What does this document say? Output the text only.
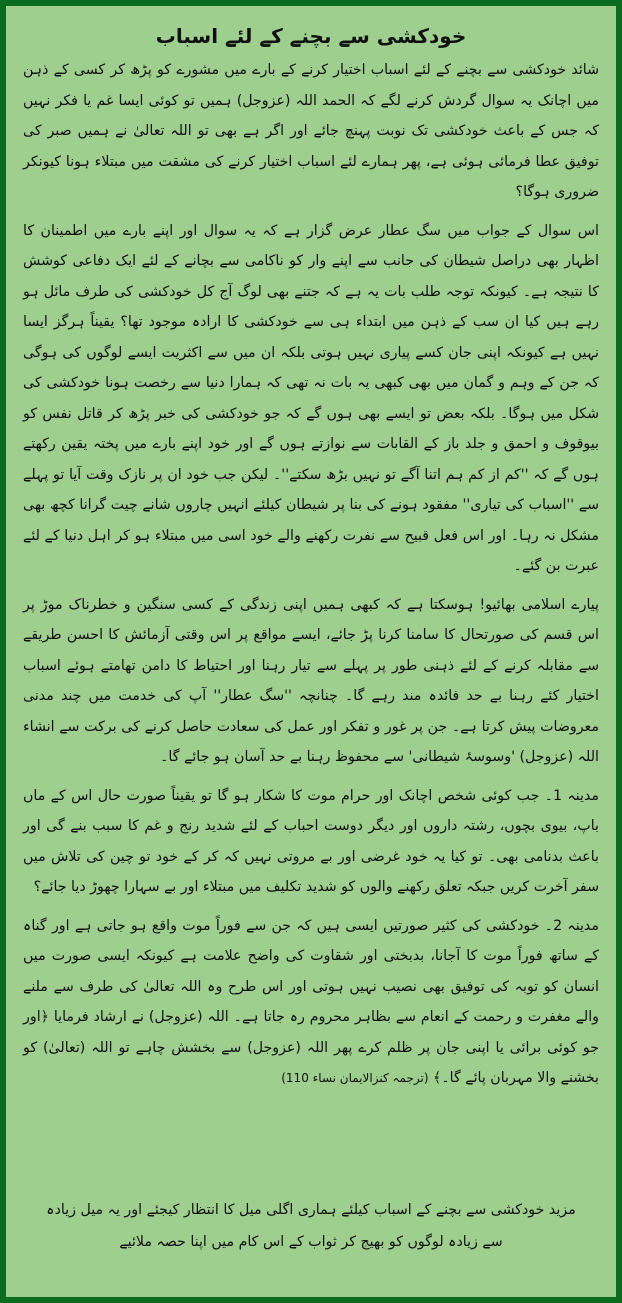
خودکشی سے بچنے کے لئے اسباب

شائد خودکشی سے بچنے کے لئے اسباب اختیار کرنے کے بارے میں مشورے کو پڑھ کر کسی کے ذہن میں اچانک یہ سوال گردش کرنے لگے کہ الحمد اللہ (عزوجل) ہمیں تو کوئی ایسا غم یا فکر نہیں کہ جس کے باعث خودکشی تک نوبت پہنچ جائے اور اگر ہے بھی تو اللہ تعالیٰ نے ہمیں صبر کی توفیق عطا فرمائی ہوئی ہے، پھر ہمارے لئے اسباب اختیار کرنے کی مشقت میں مبتلاء ہونا کیونکر ضروری ہوگا؟

اس سوال کے جواب میں سگ عطار عرض گزار ہے کہ یہ سوال اور اپنے بارے میں اطمینان کا اظہار بھی دراصل شیطان کی جانب سے اپنے وار کو ناکامی سے بچانے کے لئے ایک دفاعی کوشش کا نتیجہ ہے۔ کیونکہ توجہ طلب بات یہ ہے کہ جتنے بھی لوگ آج کل خودکشی کی طرف مائل ہو رہے ہیں کیا ان سب کے ذہن میں ابتداء ہی سے خودکشی کا ارادہ موجود تھا؟ یقیناً ہرگز ایسا نہیں ہے کیونکہ اپنی جان کسے پیاری نہیں ہوتی بلکہ ان میں سے اکثریت ایسے لوگوں کی ہوگی کہ جن کے وہم و گمان میں بھی کبھی یہ بات نہ تھی کہ ہمارا دنیا سے رخصت ہونا خودکشی کی شکل میں ہوگا۔ بلکہ بعض تو ایسے بھی ہوں گے کہ جو خودکشی کی خبر پڑھ کر قاتل نفس کو بیوقوف و احمق و جلد باز کے القابات سے نوازتے ہوں گے اور خود اپنے بارے میں پختہ یقین رکھتے ہوں گے کہ ''کم از کم ہم اتنا آگے تو نہیں بڑھ سکتے''۔ لیکن جب خود ان پر نازک وقت آیا تو پہلے سے ''اسباب کی تیاری'' مفقود ہونے کی بنا پر شیطان کیلئے انہیں چاروں شانے چیت گرانا کچھ بھی مشکل نہ رہا۔ اور اس فعل قبیح سے نفرت رکھنے والے خود اسی میں مبتلاء ہو کر اہل دنیا کے لئے عبرت بن گئے۔

پیارے اسلامی بھائیو! ہوسکتا ہے کہ کبھی ہمیں اپنی زندگی کے کسی سنگین و خطرناک موڑ پر اس قسم کی صورتحال کا سامنا کرنا پڑ جائے، ایسے مواقع پر اس وقتی آزمائش کا احسن طریقے سے مقابلہ کرنے کے لئے ذہنی طور پر پہلے سے تیار رہنا اور احتیاط کا دامن تھامتے ہوئے اسباب اختیار کئے رہنا بے حد فائدہ مند رہے گا۔ چنانچہ ''سگ عطار'' آپ کی خدمت میں چند مدنی معروضات پیش کرتا ہے۔ جن پر غور و تفکر اور عمل کی سعادت حاصل کرنے کی برکت سے انشاء اللہ (عزوجل) 'وسوسۂ شیطانی' سے محفوظ رہنا بے حد آسان ہو جائے گا۔

مدینہ 1۔ جب کوئی شخص اچانک اور حرام موت کا شکار ہو گا تو یقیناً صورت حال اس کے ماں باپ، بیوی بچوں، رشتہ داروں اور دیگر دوست احباب کے لئے شدید رنج و غم کا سبب بنے گی اور باعث بدنامی بھی۔ تو کیا یہ خود غرضی اور بے مروتی نہیں کہ کر کے خود تو چین کی تلاش میں سفر آخرت کریں جبکہ تعلق رکھنے والوں کو شدید تکلیف میں مبتلاء اور بے سہارا چھوڑ دیا جائے؟

مدینہ 2۔ خودکشی کی کثیر صورتیں ایسی ہیں کہ جن سے فوراً موت واقع ہو جاتی ہے اور گناہ کے ساتھ فوراً موت کا آجانا، بدبختی اور شقاوت کی واضح علامت ہے کیونکہ ایسی صورت میں انسان کو توبہ کی توفیق بھی نصیب نہیں ہوتی اور اس طرح وہ اللہ تعالیٰ کی طرف سے ملنے والے مغفرت و رحمت کے انعام سے بظاہر محروم رہ جاتا ہے۔ اللہ (عزوجل) نے ارشاد فرمایا ﴿اور جو کوئی برائی یا اپنی جان پر ظلم کرے پھر اللہ (عزوجل) سے بخشش چاہے تو اللہ (تعالیٰ) کو بخشنے والا مہربان پائے گا۔﴾ (ترجمہ کنزالایمان نساء 110)

مزید خودکشی سے بچنے کے اسباب کیلئے ہماری اگلی میل کا انتظار کیجئے اور یہ میل زیادہ سے زیادہ لوگوں کو بھیج کر ثواب کے اس کام میں اپنا حصہ ملائیے
